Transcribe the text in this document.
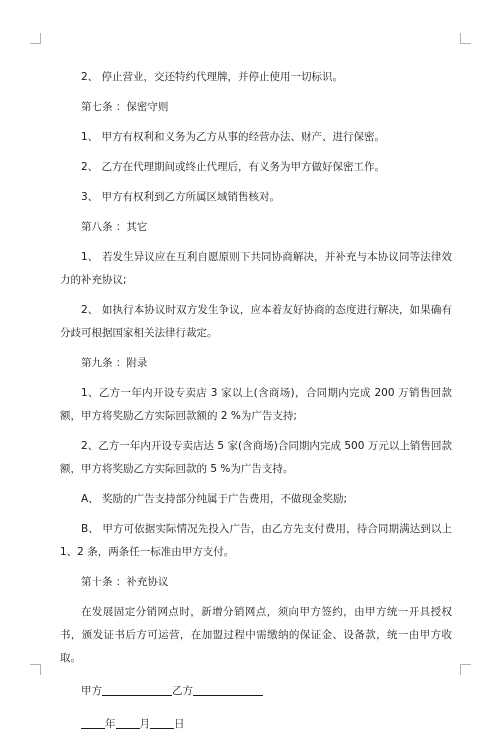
2、 停止营业，交还特约代理牌，并停止使用一切标识。

第七条 ：保密守则

1、 甲方有权利和义务为乙方从事的经营办法、财产、进行保密。

2、 乙方在代理期间或终止代理后，有义务为甲方做好保密工作。

3、 甲方有权利到乙方所属区域销售核对。

第八条 ：其它

1、 若发生异议应在互利自愿原则下共同协商解决，并补充与本协议同等法律效力的补充协议;

2、 如执行本协议时双方发生争议，应本着友好协商的态度进行解决，如果确有分歧可根据国家相关法律行裁定。

第九条 ：附录

1、乙方一年内开设专卖店 3 家以上(含商场)，合同期内完成 200 万销售回款额，甲方将奖励乙方实际回款额的 2 %为广告支持;

2、乙方一年内开设专卖店达 5 家(含商场)合同期内完成 500 万元以上销售回款额，甲方将奖励乙方实际回款的 5 %为广告支持。

A、 奖励的广告支持部分纯属于广告费用，不做现金奖励;

B、 甲方可依据实际情况先投入广告，由乙方先支付费用，待合同期满达到以上 1、2 条，两条任一标准由甲方支付。

第十条 ：补充协议

在发展固定分销网点时，新增分销网点，须向甲方签约，由甲方统一开具授权书，颁发证书后方可运营，在加盟过程中需缴纳的保证金、设备款，统一由甲方收取。

甲方	乙方

年 月 日
